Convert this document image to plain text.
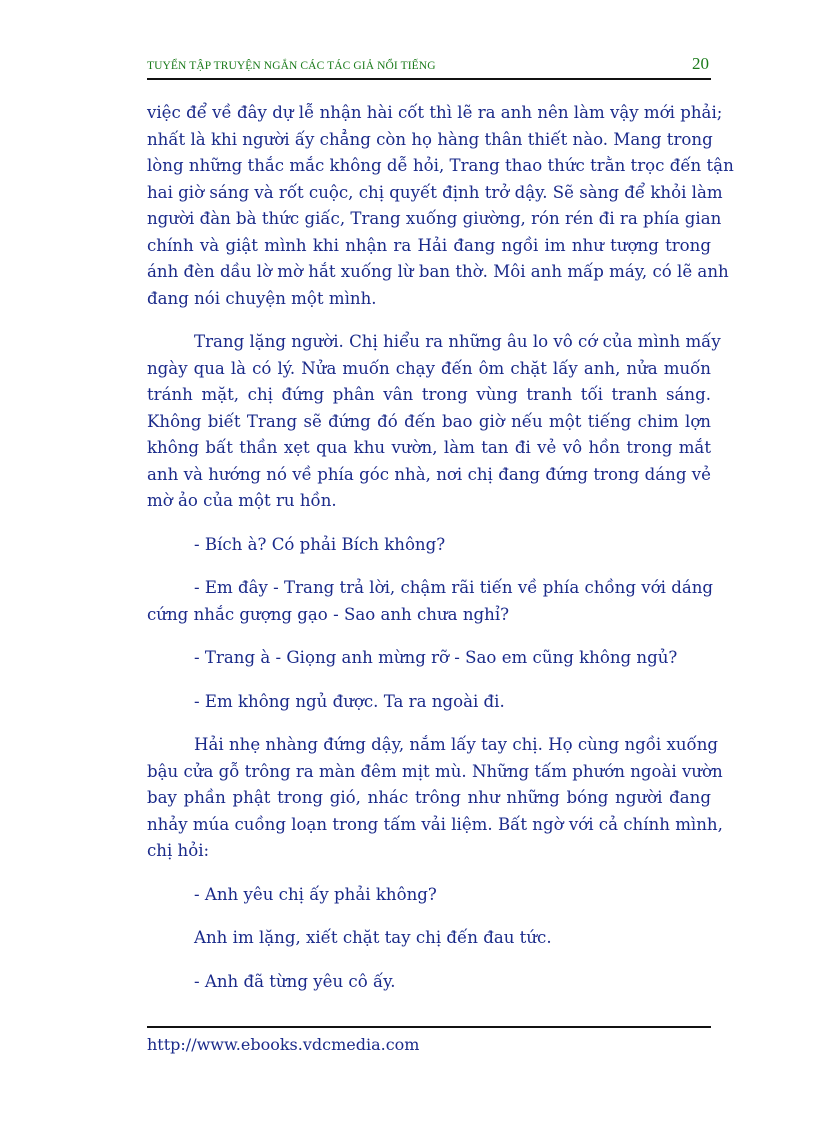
TUYỂN TẬP TRUYỆN NGẮN CÁC TÁC GIẢ NỔI TIẾNG	20

việc để về đây dự lễ nhận hài cốt thì lẽ ra anh nên làm vậy mới phải;
nhất là khi người ấy chẳng còn họ hàng thân thiết nào. Mang trong
lòng những thắc mắc không dễ hỏi, Trang thao thức trằn trọc đến tận
hai giờ sáng và rốt cuộc, chị quyết định trở dậy. Sẽ sàng để khỏi làm
người đàn bà thức giấc, Trang xuống giường, rón rén đi ra phía gian
chính và giật mình khi nhận ra Hải đang ngồi im như tượng trong
ánh đèn dầu lờ mờ hắt xuống lừ ban thờ. Môi anh mấp máy, có lẽ anh
đang nói chuyện một mình.

Trang lặng người. Chị hiểu ra những âu lo vô cớ của mình mấy
ngày qua là có lý. Nửa muốn chạy đến ôm chặt lấy anh, nửa muốn
tránh mặt, chị đứng phân vân trong vùng tranh tối tranh sáng.
Không biết Trang sẽ đứng đó đến bao giờ nếu một tiếng chim lợn
không bất thần xẹt qua khu vườn, làm tan đi vẻ vô hồn trong mắt
anh và hướng nó về phía góc nhà, nơi chị đang đứng trong dáng vẻ
mờ ảo của một ru hồn.

- Bích à? Có phải Bích không?

- Em đây - Trang trả lời, chậm rãi tiến về phía chồng với dáng
cứng nhắc gượng gạo - Sao anh chưa nghỉ?

- Trang à - Giọng anh mừng rỡ - Sao em cũng không ngủ?

- Em không ngủ được. Ta ra ngoài đi.

Hải nhẹ nhàng đứng dậy, nắm lấy tay chị. Họ cùng ngồi xuống
bậu cửa gỗ trông ra màn đêm mịt mù. Những tấm phướn ngoài vườn
bay phần phật trong gió, nhác trông như những bóng người đang
nhảy múa cuồng loạn trong tấm vải liệm. Bất ngờ với cả chính mình,
chị hỏi:

- Anh yêu chị ấy phải không?

Anh im lặng, xiết chặt tay chị đến đau tức.

- Anh đã từng yêu cô ấy.

http://www.ebooks.vdcmedia.com
